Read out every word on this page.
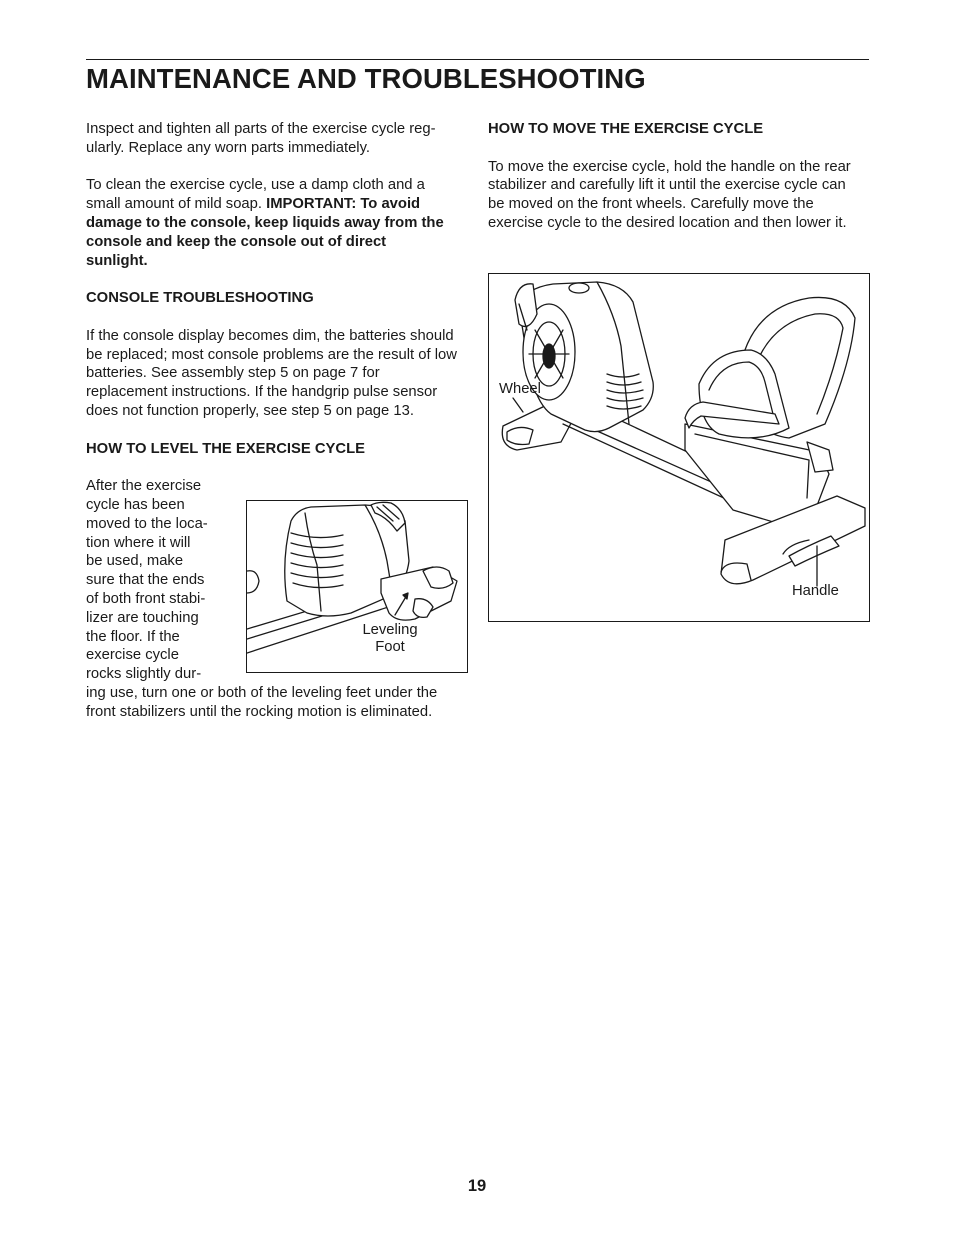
MAINTENANCE AND TROUBLESHOOTING

Inspect and tighten all parts of the exercise cycle reg-ularly. Replace any worn parts immediately.

To clean the exercise cycle, use a damp cloth and a small amount of mild soap. IMPORTANT: To avoid damage to the console, keep liquids away from the console and keep the console out of direct sunlight.

CONSOLE TROUBLESHOOTING

If the console display becomes dim, the batteries should be replaced; most console problems are the result of low batteries. See assembly step 5 on page 7 for replacement instructions. If the handgrip pulse sensor does not function properly, see step 5 on page 13.

HOW TO LEVEL THE EXERCISE CYCLE
After the exercise
cycle has been
moved to the loca-
tion where it will
be used, make
sure that the ends
of both front stabi-
lizer are touching
the floor. If the
exercise cycle
rocks slightly dur-
ing use, turn one or both of the leveling feet under the
front stabilizers until the rocking motion is eliminated.
Leveling
Foot
HOW TO MOVE THE EXERCISE CYCLE

To move the exercise cycle, hold the handle on the rear stabilizer and carefully lift it until the exercise cycle can be moved on the front wheels. Carefully move the exercise cycle to the desired location and then lower it.

Wheel
Handle
19
